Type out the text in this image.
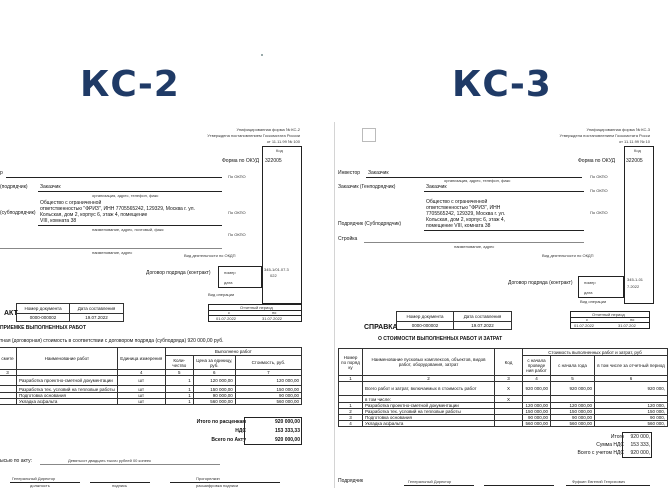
КС-2	КС-3
Унифицированная форма № КС-2
Утверждена постановлением Госкомстата России
от 11.11.99 № 100
Код
Форма по ОКУД 322005
По ОКПО
По ОКПО
По ОКПО
р
(подрядчик) Заказчик
организация, адрес, телефон, факс
(субподрядчик)
Общество с ограниченной
ответственностью "ФРИЗ", ИНН 7705565242, 129329, Москва г. ул.
Кольская, дом 2, корпус 6, этаж 4, помещение
VIII, комната 38
наименование, адрес, почтовый, факс
наименование, адрес
Вид деятельности по ОКДП
Договор подряда (контракт)	номер
345-1/01.07.3
дата
022
Вид операции
Отчетный период
с	по
01.07.2022	31.07.2022
Номер документа	Дата составления
0000-000002	19.07.2022
АКТ
ПРИЕМКЕ ВЫПОЛНЕННЫХ РАБОТ
тная (договорная) стоимость в соответствии с договором подряда (субподряда) 920 000,00 руб.
смете	Наименование работ	Единица измерения	Выполнено работ		
			Коли-чество	Цена за единицу, руб.	Стоимость, руб.
3		4	5	6	7
	Разработка проектно-сметной документации	шт	1	120 000,00	120 000,00
	Разработка тех. условий на тепловые работы	шт	1	150 000,00	150 000,00
	Подготовка основания	шт	1	90 000,00	90 000,00
	Укладка асфальта	шт	1	560 000,00	560 000,00
Итого по расценкам	920 000,00
НДС	153 333,33
Всего по Акту	920 000,00
ысью по акту:	Девятьсот двадцать тысяч рублей 00 копеек
Генеральный Директор	Прогорелкин
должность	подпись	расшифровка подписи
Унифицированная форма № КС-3
Утверждена постановлением Госкомстата Росси
от 11.11.99 № 10
Код
Форма по ОКУД 322005
По ОКПО
По ОКПО
По ОКПО
Инвестор Заказчик
организация, адрес, телефон, факс
Заказчик (Генподрядчик)	Заказчик
Общество с ограниченной
ответственностью "ФРИЗ", ИНН
7705565242, 129329, Москва г. ул.
Кольская, дом 2, корпус 6, этаж 4,
помещение VIII, комната 38
Подрядчик (Субподрядчик)
Стройка
наименование, адрес
Вид деятельности по ОКДП
Договор подряда (контракт)	номер
345-1-01
дата
7.2022
Вид операции
Номер документа	Дата составления
0000-000002	19.07.2022
СПРАВКА
О СТОИМОСТИ ВЫПОЛНЕННЫХ РАБОТ И ЗАТРАТ
Отчетный период
с	по
01.07.2022	31.07.202
Номер по поряд ку	Наименование пусковых комплексов, объектов, видов работ, оборудования, затрат	Код	Стоимость выполненных работ и затрат, руб		
			с начала проведе ния работ	с начала года	в том числе за отчетный период
1	2	3	4	5	6
	Всего работ и затрат, включаемых в стоимость работ	X	920 000,00	920 000,00	920 000,
	в том числе:	X			
1	Разработка проектно-сметной документации		120 000,00	120 000,00	120 000,
2	Разработка тех. условий на тепловые работы		150 000,00	150 000,00	150 000,
3	Подготовка основания		90 000,00	90 000,00	90 000,
4	Укладка асфальта		560 000,00	560 000,00	560 000,
Итого 920 000,
Сумма НДС 153 333,
Всего с учетом НДС 920 000,
Подрядчик	Генеральный Директор	Фуфкин Евгений Генрихович
